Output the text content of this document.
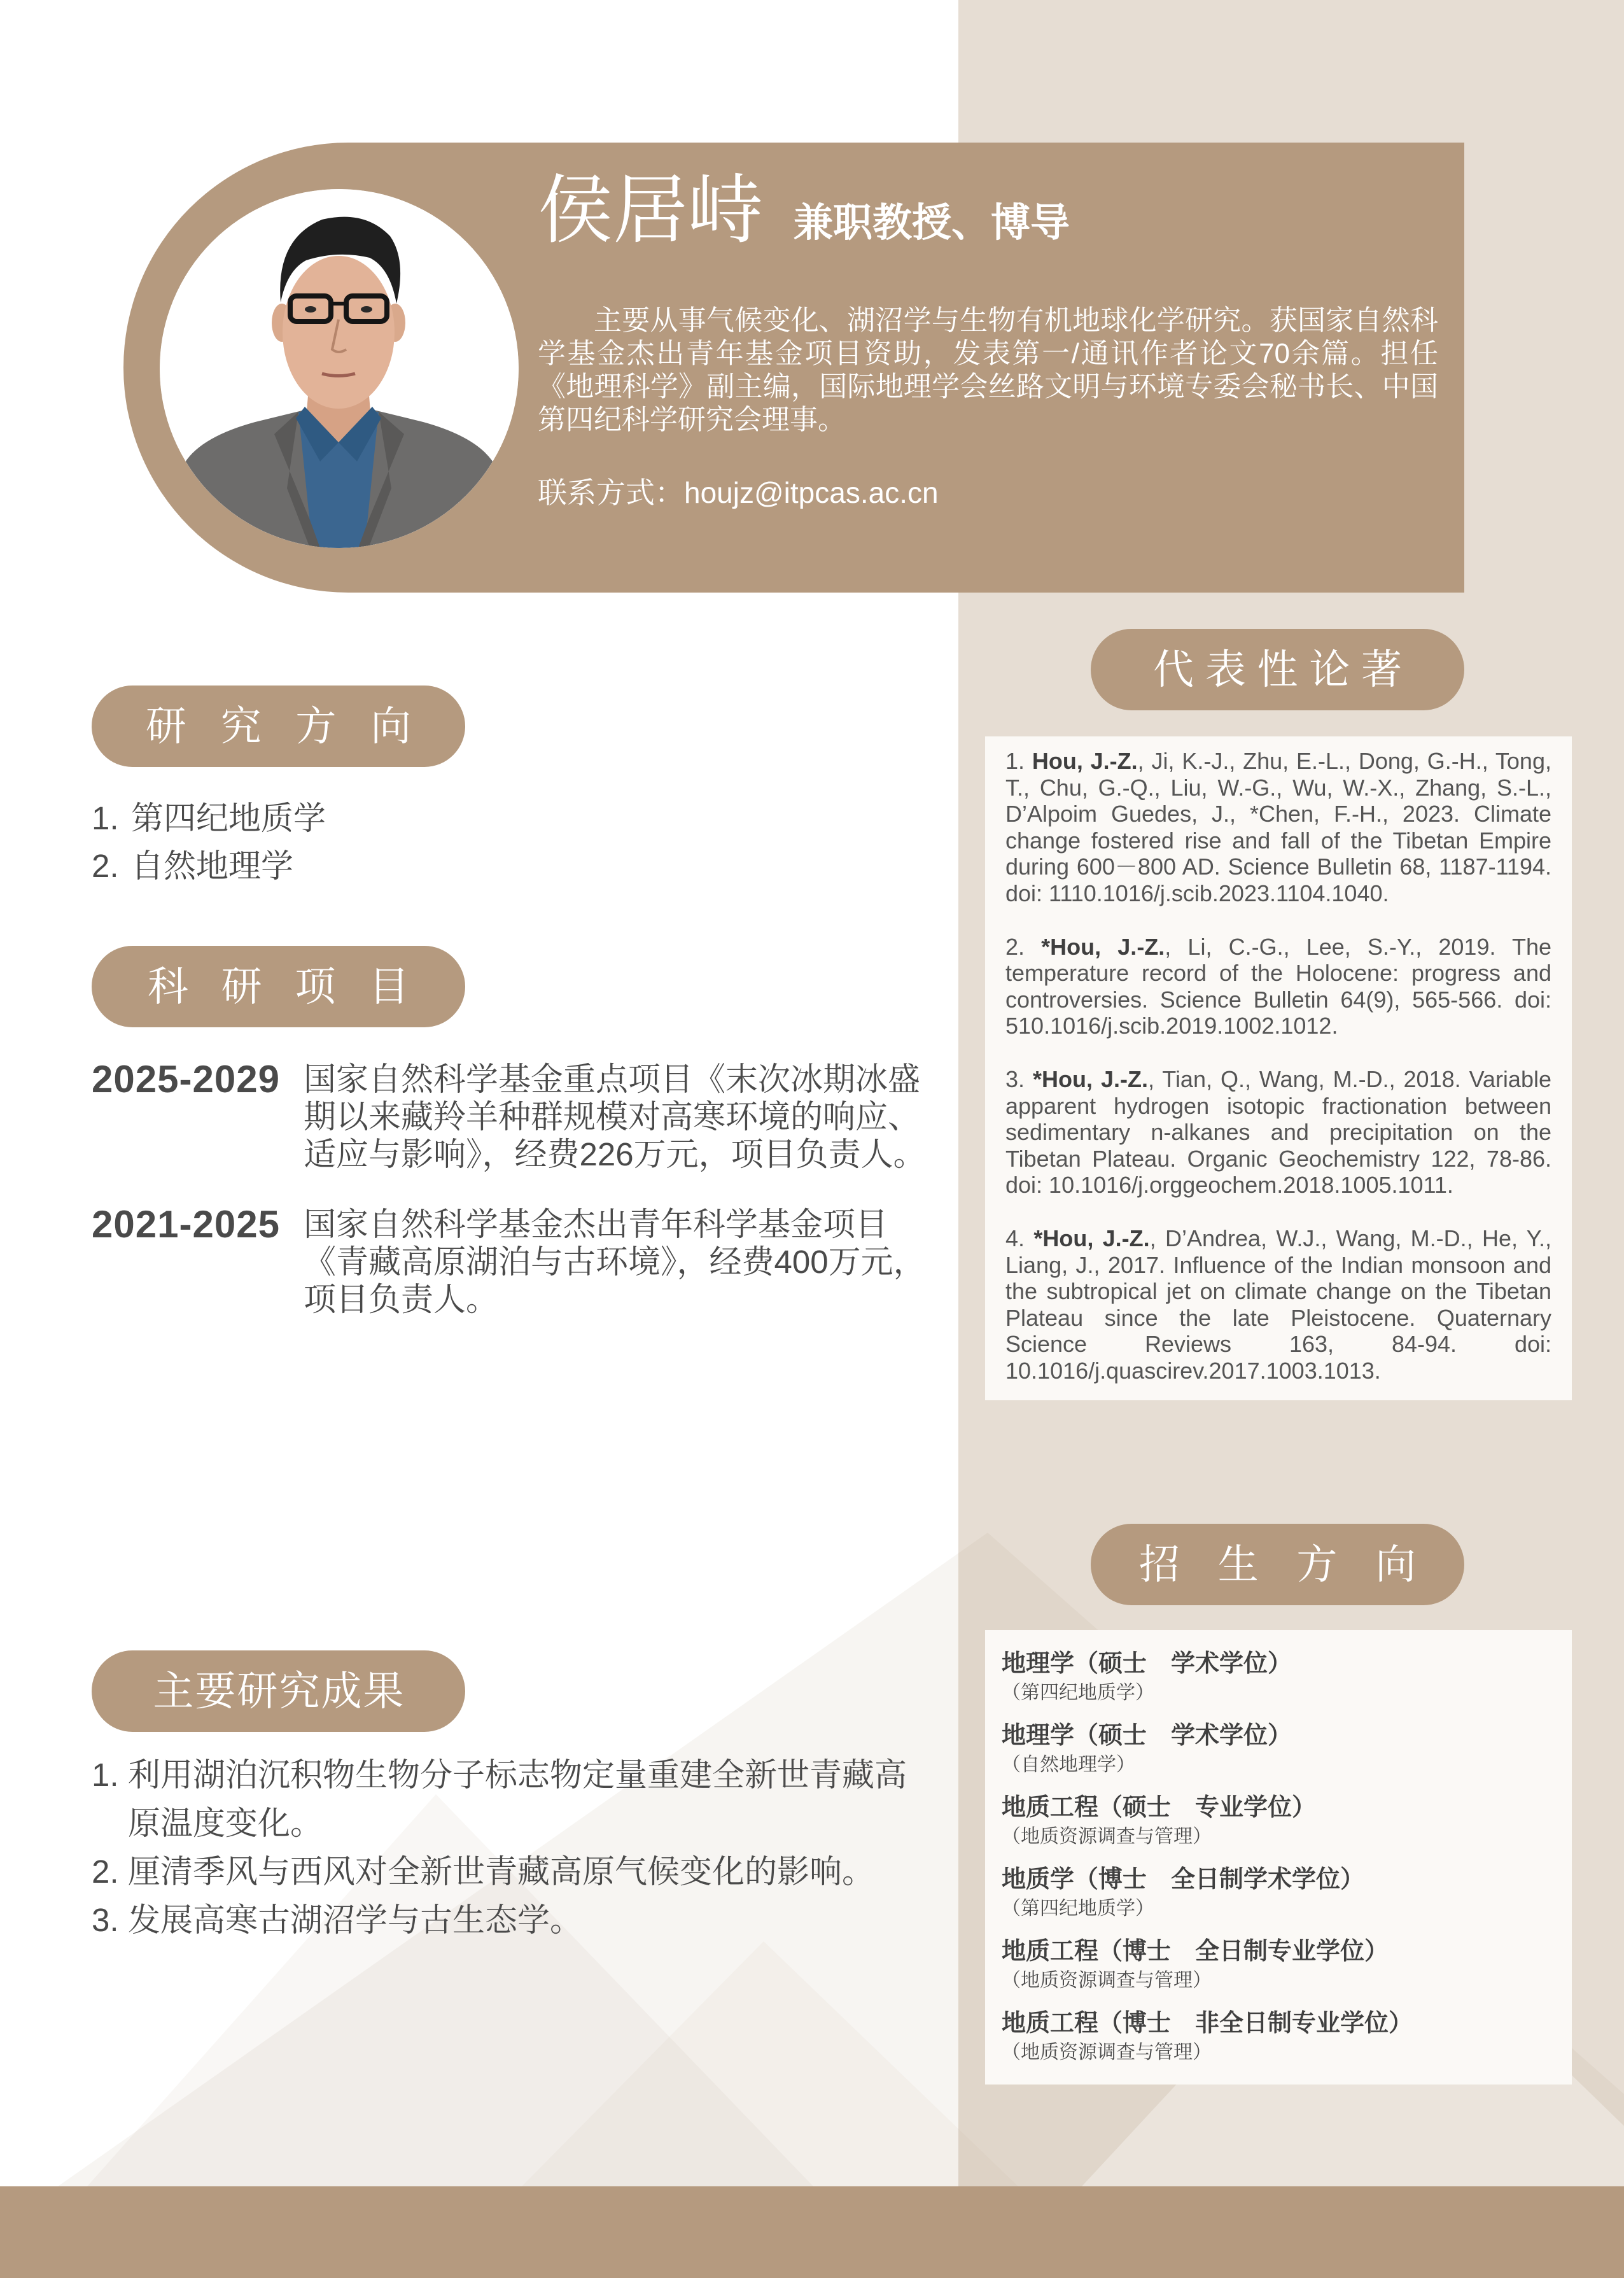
侯居峙 兼职教授、博导

主要从事气候变化、湖沼学与生物有机地球化学研究。获国家自然科学基金杰出青年基金项目资助，发表第一/通讯作者论文70余篇。担任《地理科学》副主编，国际地理学会丝路文明与环境专委会秘书长、中国第四纪科学研究会理事。

联系方式：houjz@itpcas.ac.cn
研 究 方 向
1. 第四纪地质学
2. 自然地理学
科 研 项 目
2025-2029 国家自然科学基金重点项目《末次冰期冰盛期以来藏羚羊种群规模对高寒环境的响应、适应与影响》，经费226万元，项目负责人。
2021-2025 国家自然科学基金杰出青年科学基金项目《青藏高原湖泊与古环境》，经费400万元，项目负责人。
主要研究成果
1. 利用湖泊沉积物生物分子标志物定量重建全新世青藏高原温度变化。
2. 厘清季风与西风对全新世青藏高原气候变化的影响。
3. 发展高寒古湖沼学与古生态学。
代 表 性 论 著

1. Hou, J.-Z., Ji, K.-J., Zhu, E.-L., Dong, G.-H., Tong, T., Chu, G.-Q., Liu, W.-G., Wu, W.-X., Zhang, S.-L., D’Alpoim Guedes, J., *Chen, F.-H., 2023. Climate change fostered rise and fall of the Tibetan Empire during 600－800 AD. Science Bulletin 68, 1187-1194. doi: 1110.1016/j.scib.2023.1104.1040.

2. *Hou, J.-Z., Li, C.-G., Lee, S.-Y., 2019. The temperature record of the Holocene: progress and controversies. Science Bulletin 64(9), 565-566. doi: 510.1016/j.scib.2019.1002.1012.

3. *Hou, J.-Z., Tian, Q., Wang, M.-D., 2018. Variable apparent hydrogen isotopic fractionation between sedimentary n-alkanes and precipitation on the Tibetan Plateau. Organic Geochemistry 122, 78-86. doi: 10.1016/j.orggeochem.2018.1005.1011.

4. *Hou, J.-Z., D’Andrea, W.J., Wang, M.-D., He, Y., Liang, J., 2017. Influence of the Indian monsoon and the subtropical jet on climate change on the Tibetan Plateau since the late Pleistocene. Quaternary Science Reviews 163, 84-94. doi: 10.1016/j.quascirev.2017.1003.1013.

招 生 方 向
地理学（硕士　学术学位）
（第四纪地质学）
地理学（硕士　学术学位）
（自然地理学）
地质工程（硕士　专业学位）
（地质资源调查与管理）
地质学（博士　全日制学术学位）
（第四纪地质学）
地质工程（博士　全日制专业学位）
（地质资源调查与管理）
地质工程（博士　非全日制专业学位）
（地质资源调查与管理）
